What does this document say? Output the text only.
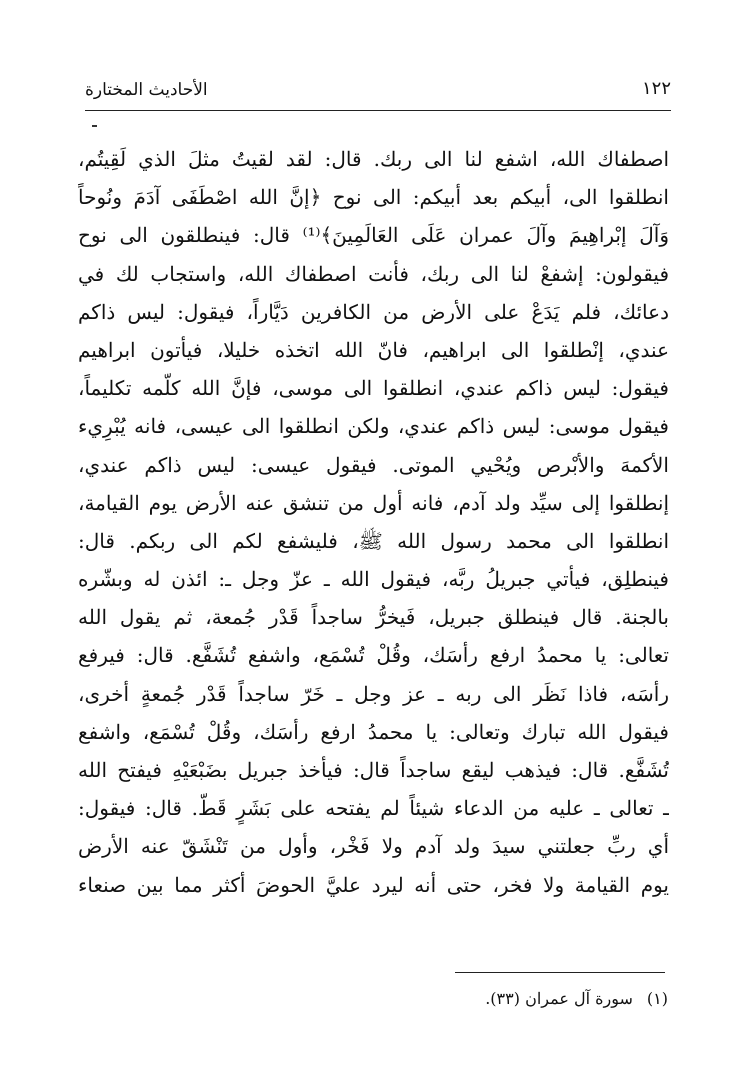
الأحاديث المختارة	١٢٢
اصطفاك الله، اشفع لنا الى ربك. قال: لقد لقيتُ مثلَ الذي لَقِيتُم،
انطلقوا الى، أبيكم بعد أبيكم: الى نوح ﴿إنَّ الله اصْطَفَى آدَمَ ونُوحاً
وَآلَ إبْراهِيمَ وآلَ عمران عَلَى العَالَمِينَ﴾⁽¹⁾ قال: فينطلقون الى نوح
فيقولون: إشفعْ لنا الى ربك، فأنت اصطفاك الله، واستجاب لك في
دعائك، فلم يَدَعْ على الأرض من الكافرين دَيَّاراً، فيقول: ليس ذاكم
عندي، إنْطلقوا الى ابراهيم، فانّ الله اتخذه خليلا، فيأتون ابراهيم
فيقول: ليس ذاكم عندي، انطلقوا الى موسى، فإنَّ الله كلّمه تكليماً،
فيقول موسى: ليس ذاكم عندي، ولكن انطلقوا الى عيسى، فانه يُبْرِيء
الأكمهَ والأبْرص ويُحْيي الموتى. فيقول عيسى: ليس ذاكم عندي،
إنطلقوا إلى سيِّد ولد آدم، فانه أول من تنشق عنه الأرض يوم القيامة،
انطلقوا الى محمد رسول الله ﷺ، فليشفع لكم الى ربكم. قال:
فينطلِق، فيأتي جبريلُ ربَّه، فيقول الله ـ عزّ وجل ـ: ائذن له وبشّره
بالجنة. قال فينطلق جبريل، فَيخرُّ ساجداً قَدْر جُمعة، ثم يقول الله
تعالى: يا محمدُ ارفع رأسَك، وقُلْ تُسْمَع، واشفع تُشَفَّع. قال: فيرفع
رأسَه، فاذا نَظَر الى ربه ـ عز وجل ـ خَرّ ساجداً قَدْر جُمعةٍ أخرى،
فيقول الله تبارك وتعالى: يا محمدُ ارفع رأسَك، وقُلْ تُسْمَع، واشفع
تُشَفَّع. قال: فيذهب ليقع ساجداً قال: فيأخذ جبريل بضَبْعَيْهِ فيفتح الله
ـ تعالى ـ عليه من الدعاء شيئاً لم يفتحه على بَشَرٍ قَطّ. قال: فيقول:
أي ربِّ جعلتني سيدَ ولد آدم ولا فَخْر، وأول من تَنْشَقّ عنه الأرض
يوم القيامة ولا فخر، حتى أنه ليرد عليَّ الحوضَ أكثر مما بين صنعاء
(١)سورة آل عمران (٣٣).
